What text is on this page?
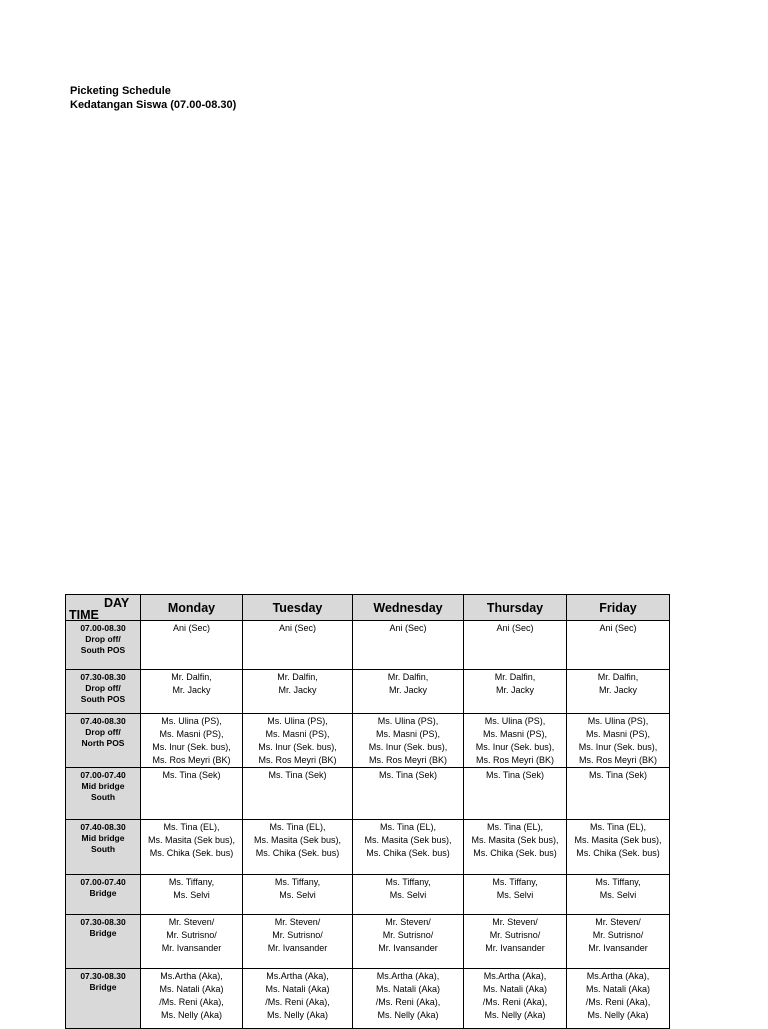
Picketing Schedule
Kedatangan Siswa (07.00-08.30)
DAY
TIME	Monday	Tuesday	Wednesday	Thursday	Friday

07.00-08.30
Drop off/
South POS	Ani (Sec)	Ani (Sec)	Ani (Sec)	Ani (Sec)	Ani (Sec)

07.30-08.30
Drop off/
South POS	Mr. Dalfin,
Mr. Jacky	Mr. Dalfin,
Mr. Jacky	Mr. Dalfin,
Mr. Jacky	Mr. Dalfin,
Mr. Jacky	Mr. Dalfin,
Mr. Jacky

07.40-08.30
Drop off/
North POS	Ms. Ulina (PS),
Ms. Masni (PS),
Ms. Inur (Sek. bus),
Ms. Ros Meyri (BK)	Ms. Ulina (PS),
Ms. Masni (PS),
Ms. Inur (Sek. bus),
Ms. Ros Meyri (BK)	Ms. Ulina (PS),
Ms. Masni (PS),
Ms. Inur (Sek. bus),
Ms. Ros Meyri (BK)	Ms. Ulina (PS),
Ms. Masni (PS),
Ms. Inur (Sek. bus),
Ms. Ros Meyri (BK)	Ms. Ulina (PS),
Ms. Masni (PS),
Ms. Inur (Sek. bus),
Ms. Ros Meyri (BK)

07.00-07.40
Mid bridge
South	Ms. Tina (Sek)	Ms. Tina (Sek)	Ms. Tina (Sek)	Ms. Tina (Sek)	Ms. Tina (Sek)

07.40-08.30
Mid bridge
South	Ms. Tina (EL),
Ms. Masita (Sek bus),
Ms. Chika (Sek. bus)	Ms. Tina (EL),
Ms. Masita (Sek bus),
Ms. Chika (Sek. bus)	Ms. Tina (EL),
Ms. Masita (Sek bus),
Ms. Chika (Sek. bus)	Ms. Tina (EL),
Ms. Masita (Sek bus),
Ms. Chika (Sek. bus)	Ms. Tina (EL),
Ms. Masita (Sek bus),
Ms. Chika (Sek. bus)

07.00-07.40
Bridge	Ms. Tiffany,
Ms. Selvi	Ms. Tiffany,
Ms. Selvi	Ms. Tiffany,
Ms. Selvi	Ms. Tiffany,
Ms. Selvi	Ms. Tiffany,
Ms. Selvi

07.30-08.30
Bridge	Mr. Steven/
Mr. Sutrisno/
Mr. Ivansander	Mr. Steven/
Mr. Sutrisno/
Mr. Ivansander	Mr. Steven/
Mr. Sutrisno/
Mr. Ivansander	Mr. Steven/
Mr. Sutrisno/
Mr. Ivansander	Mr. Steven/
Mr. Sutrisno/
Mr. Ivansander

07.30-08.30
Bridge	Ms.Artha (Aka),
Ms. Natali (Aka)
/Ms. Reni (Aka),
Ms. Nelly (Aka)	Ms.Artha (Aka),
Ms. Natali (Aka)
/Ms. Reni (Aka),
Ms. Nelly (Aka)	Ms.Artha (Aka),
Ms. Natali (Aka)
/Ms. Reni (Aka),
Ms. Nelly (Aka)	Ms.Artha (Aka),
Ms. Natali (Aka)
/Ms. Reni (Aka),
Ms. Nelly (Aka)	Ms.Artha (Aka),
Ms. Natali (Aka)
/Ms. Reni (Aka),
Ms. Nelly (Aka)
